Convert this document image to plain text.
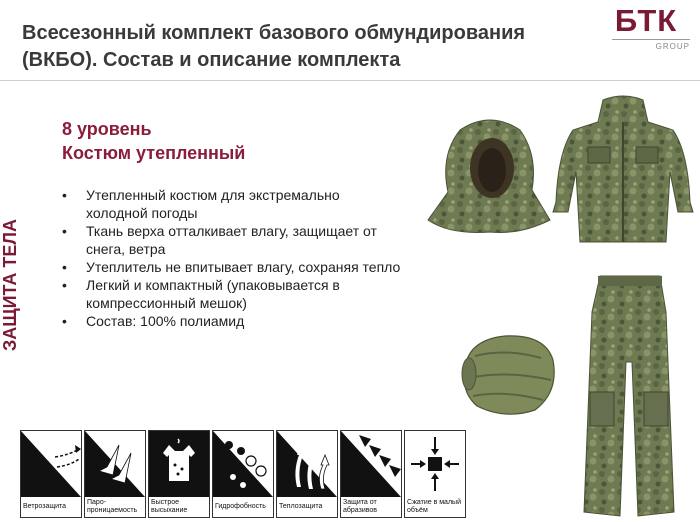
Всесезонный комплект базового обмундирования
(ВКБО). Состав и описание комплекта
БТК
GROUP
ЗАЩИТА ТЕЛА
8 уровень
Костюм утепленный
•	Утепленный костюм для экстремально холодной погоды
•	Ткань верха отталкивает влагу, защищает от снега, ветра
•	Утеплитель не впитывает влагу, сохраняя тепло
•	Легкий и компактный (упаковывается в компрессионный мешок)
•	Состав: 100% полиамид
Ветрозащита
Паро-проницаемость
Быстрое высыхание
Гидрофобность	Теплозащита
Защита от абразивов
Сжатие в малый объём
